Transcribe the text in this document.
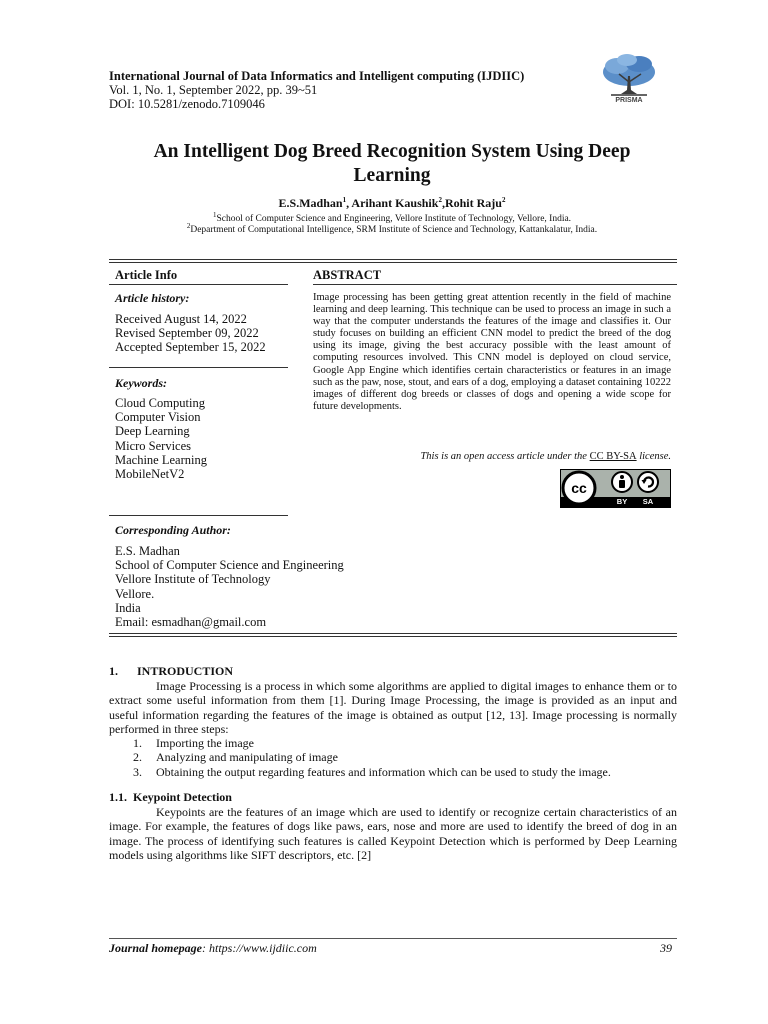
International Journal of Data Informatics and Intelligent computing (IJDIIC)
Vol. 1, No. 1, September 2022, pp. 39~51
DOI: 10.5281/zenodo.7109046	PRISMA
An Intelligent Dog Breed Recognition System Using Deep
Learning
E.S.Madhan$^1$, Arihant Kaushik$^2$,Rohit Raju$^2$
$^1$School of Computer Science and Engineering, Vellore Institute of Technology, Vellore, India.
$^2$Department of Computational Intelligence, SRM Institute of Science and Technology, Kattankalatur, India.
Article Info
Article history:
Received August 14, 2022
Revised September 09, 2022
Accepted September 15, 2022
Keywords:
Cloud Computing
Computer Vision
Deep Learning
Micro Services
Machine Learning
MobileNetV2
ABSTRACT
Image processing has been getting great attention recently in the field of machine learning and deep learning. This technique can be used to process an image in such a way that the computer understands the features of the image and classifies it. Our study focuses on building an efficient CNN model to predict the breed of the dog using its image, giving the best accuracy possible with the least amount of computing resources involved. This CNN model is deployed on cloud service, Google App Engine which identifies certain characteristics or features in an image such as the paw, nose, stout, and ears of a dog, employing a dataset containing 10222 images of different dog breeds or classes of dogs and opening a wide scope for future developments.
This is an open access article under the CC BY-SA license.
cc
BY	SA
Corresponding Author:
E.S. Madhan
School of Computer Science and Engineering
Vellore Institute of Technology
Vellore.
India
Email: esmadhan@gmail.com
1. INTRODUCTION
Image Processing is a process in which some algorithms are applied to digital images to enhance them or to extract some useful information from them [1]. During Image Processing, the image is provided as an input and useful information regarding the features of the image is obtained as output [12, 13]. Image processing is normally performed in three steps:
1. Importing the image
2. Analyzing and manipulating of image
3. Obtaining the output regarding features and information which can be used to study the image.
1.1.  Keypoint Detection
Keypoints are the features of an image which are used to identify or recognize certain characteristics of an image. For example, the features of dogs like paws, ears, nose and more are used to identify the breed of dog in an image. The process of identifying such features is called Keypoint Detection which is performed by Deep Learning models using algorithms like SIFT descriptors, etc. [2]
Journal homepage: https://www.ijdiic.com	39
